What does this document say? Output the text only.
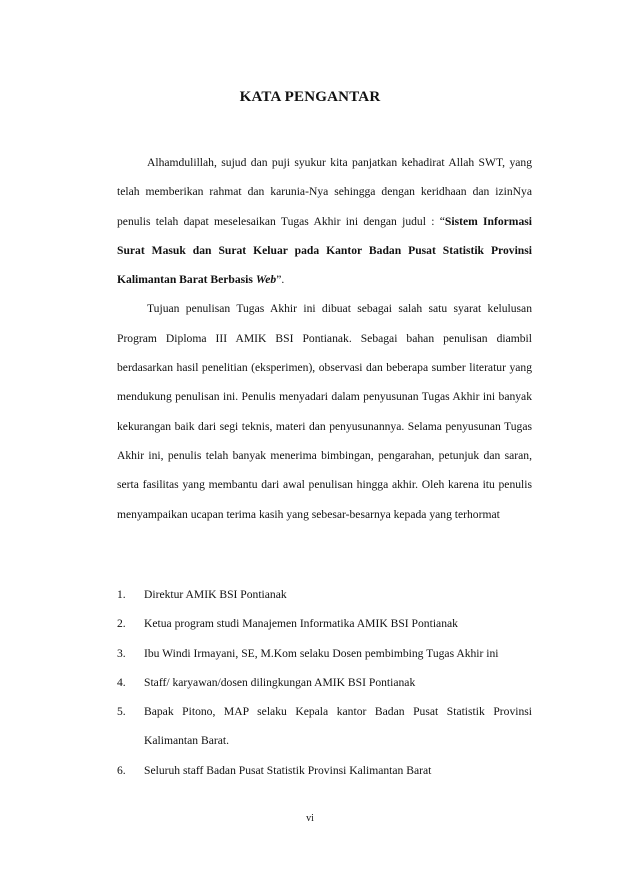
KATA PENGANTAR

Alhamdulillah, sujud dan puji syukur kita panjatkan kehadirat Allah SWT, yang telah memberikan rahmat dan karunia-Nya sehingga dengan keridhaan dan izinNya penulis telah dapat meselesaikan Tugas Akhir ini dengan judul : “Sistem Informasi Surat Masuk dan Surat Keluar pada Kantor Badan Pusat Statistik Provinsi Kalimantan Barat Berbasis Web”.

Tujuan penulisan Tugas Akhir ini dibuat sebagai salah satu syarat kelulusan Program Diploma III AMIK BSI Pontianak. Sebagai bahan penulisan diambil berdasarkan hasil penelitian (eksperimen), observasi dan beberapa sumber literatur yang mendukung penulisan ini. Penulis menyadari dalam penyusunan Tugas Akhir ini banyak kekurangan baik dari segi teknis, materi dan penyusunannya. Selama penyusunan Tugas Akhir ini, penulis telah banyak menerima bimbingan, pengarahan, petunjuk dan saran, serta fasilitas yang membantu dari awal penulisan hingga akhir. Oleh karena itu penulis menyampaikan ucapan terima kasih yang sebesar-besarnya kepada yang terhormat

1. Direktur AMIK BSI Pontianak
2. Ketua program studi Manajemen Informatika AMIK BSI Pontianak
3. Ibu Windi Irmayani, SE, M.Kom selaku Dosen pembimbing Tugas Akhir ini
4. Staff/ karyawan/dosen dilingkungan AMIK BSI Pontianak
5. Bapak Pitono, MAP selaku Kepala kantor Badan Pusat Statistik Provinsi Kalimantan Barat.
6. Seluruh staff Badan Pusat Statistik Provinsi Kalimantan Barat
vi
